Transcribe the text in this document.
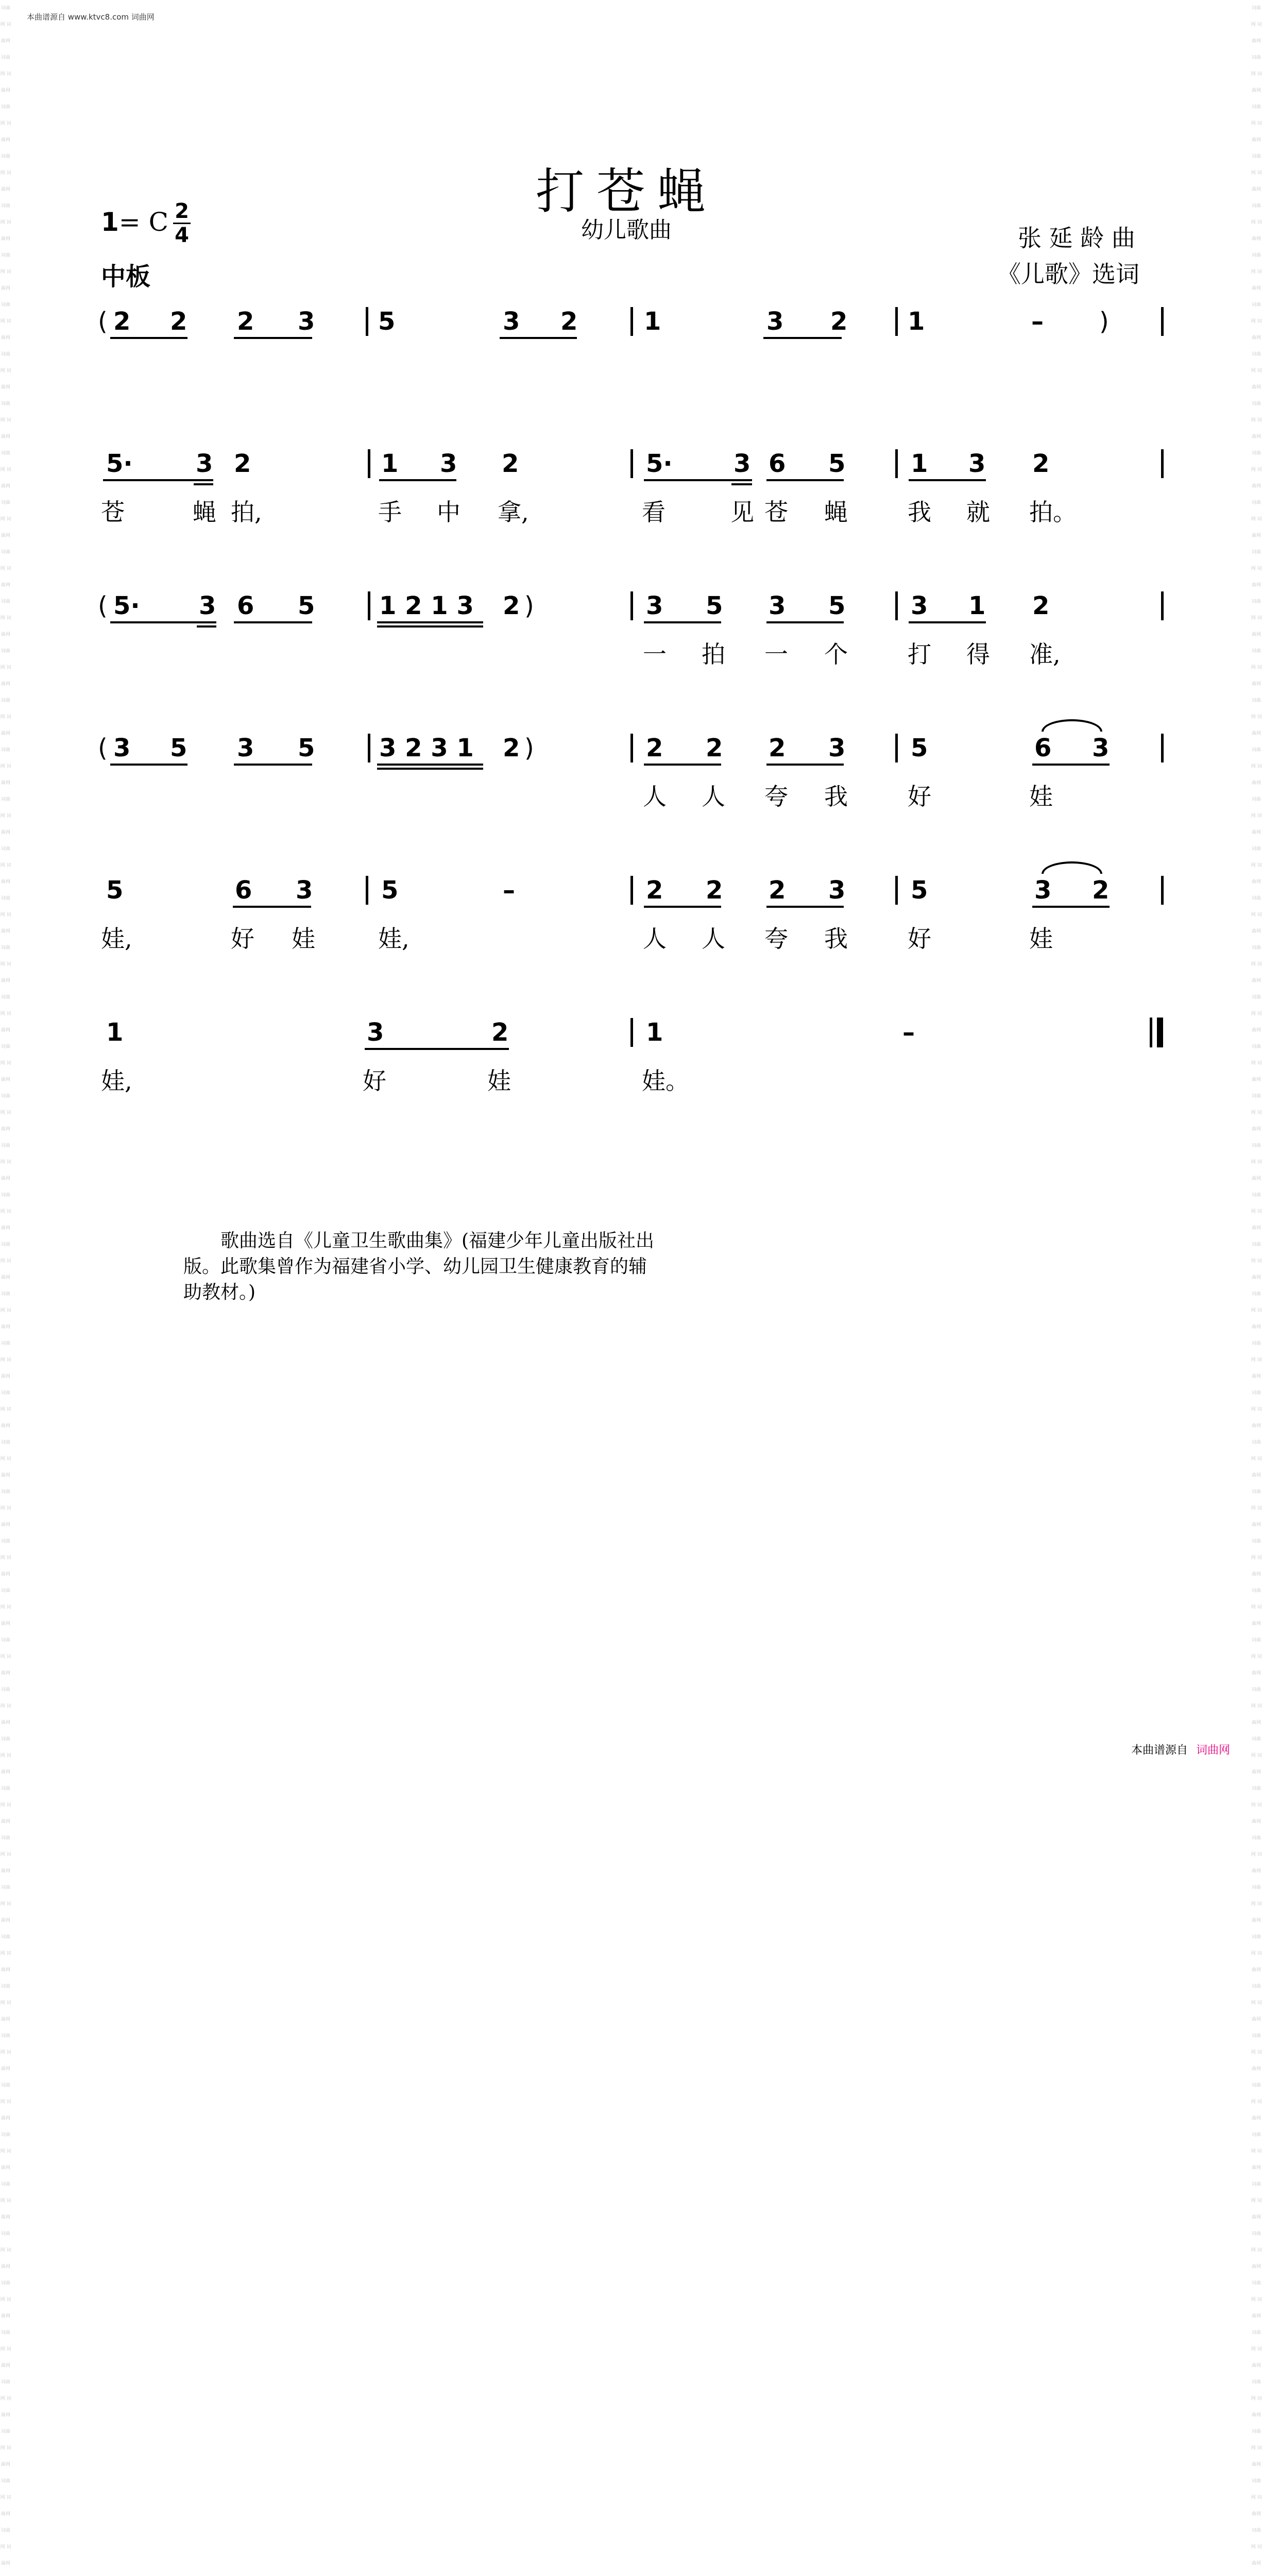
词曲网 词曲网 词曲网 词曲网 词曲网 词曲网 词曲网 词曲网 词曲网 词曲网 词曲网 词曲网 词曲网 词曲网 词曲网 词曲网 词曲网 词曲网 词曲网 词曲网 词曲网 词曲网 词曲网 词曲网 词曲网 词曲网 词曲网 词曲网 词曲网 词曲网 词曲网 词曲网 词曲网 词曲网 词曲网 词曲网 词曲网 词曲网 词曲网 词曲网 词曲网 词曲网 词曲网 词曲网 词曲网 词曲网 词曲网 词曲网 词曲网 词曲网 词曲网 词曲网 词曲网 词曲网 词曲网 词曲网 词曲网 词曲网 词曲网 词曲网 词曲网 词曲网 词曲网 词曲网 词曲网 词曲网 词曲网 词曲网 词曲网 词曲网 词曲网 词曲网 词曲网 词曲网 词曲网 词曲网 词曲网 词曲网 词曲网 词曲网 词曲网 词曲网 词曲网 词曲网 词曲网 词曲网 词曲网 词曲网 词曲网 词曲网 词曲网 词曲网 词曲网 词曲网 词曲网 词曲网 词曲网 词曲网 词曲网 词曲网 词曲网 词曲网 词曲网 词曲网
词曲网 词曲网 词曲网 词曲网 词曲网 词曲网 词曲网 词曲网 词曲网 词曲网 词曲网 词曲网 词曲网 词曲网 词曲网 词曲网 词曲网 词曲网 词曲网 词曲网 词曲网 词曲网 词曲网 词曲网 词曲网 词曲网 词曲网 词曲网 词曲网 词曲网 词曲网 词曲网 词曲网 词曲网 词曲网 词曲网 词曲网 词曲网 词曲网 词曲网 词曲网 词曲网 词曲网 词曲网 词曲网 词曲网 词曲网 词曲网 词曲网 词曲网 词曲网 词曲网 词曲网 词曲网 词曲网 词曲网 词曲网 词曲网 词曲网 词曲网 词曲网 词曲网 词曲网 词曲网 词曲网 词曲网 词曲网 词曲网 词曲网 词曲网 词曲网 词曲网 词曲网 词曲网 词曲网 词曲网 词曲网 词曲网 词曲网 词曲网 词曲网 词曲网 词曲网 词曲网 词曲网 词曲网 词曲网 词曲网 词曲网 词曲网 词曲网 词曲网 词曲网 词曲网 词曲网 词曲网 词曲网 词曲网 词曲网 词曲网 词曲网 词曲网 词曲网 词曲网
本曲谱源自 www.ktvc8.com 词曲网
打苍蝇
幼儿歌曲	张 延 龄 曲
《儿歌》选词
1= C 2
4
中板
( 2 2 2 3	5	3 2	1	3 2 1	– )
5·	3 2	1 3 2	5· 3 6 5	1 3 2
苍	蝇 拍,	手 中 拿,	看	见 苍 蝇	我 就 拍。
( 5· 3 6 5	1 2 1 3 2 )	3 5 3 5	3 1 2
一 拍 一 个	打 得 准,
( 3 5 3 5	3 2 3 1 2 )	2 2 2 3	5	6 3
人 人 夸 我	好	娃
5	6 3	5	–	2 2 2 3	5	3 2
娃,	好 娃	娃,	人 人 夸 我	好	娃
1	3	2	1	–
娃,	好	娃	娃。
歌曲选自《儿童卫生歌曲集》(福建少年儿童出版社出版。此歌集曾作为福建省小学、幼儿园卫生健康教育的辅助教材。)
本曲谱源自 词曲网
